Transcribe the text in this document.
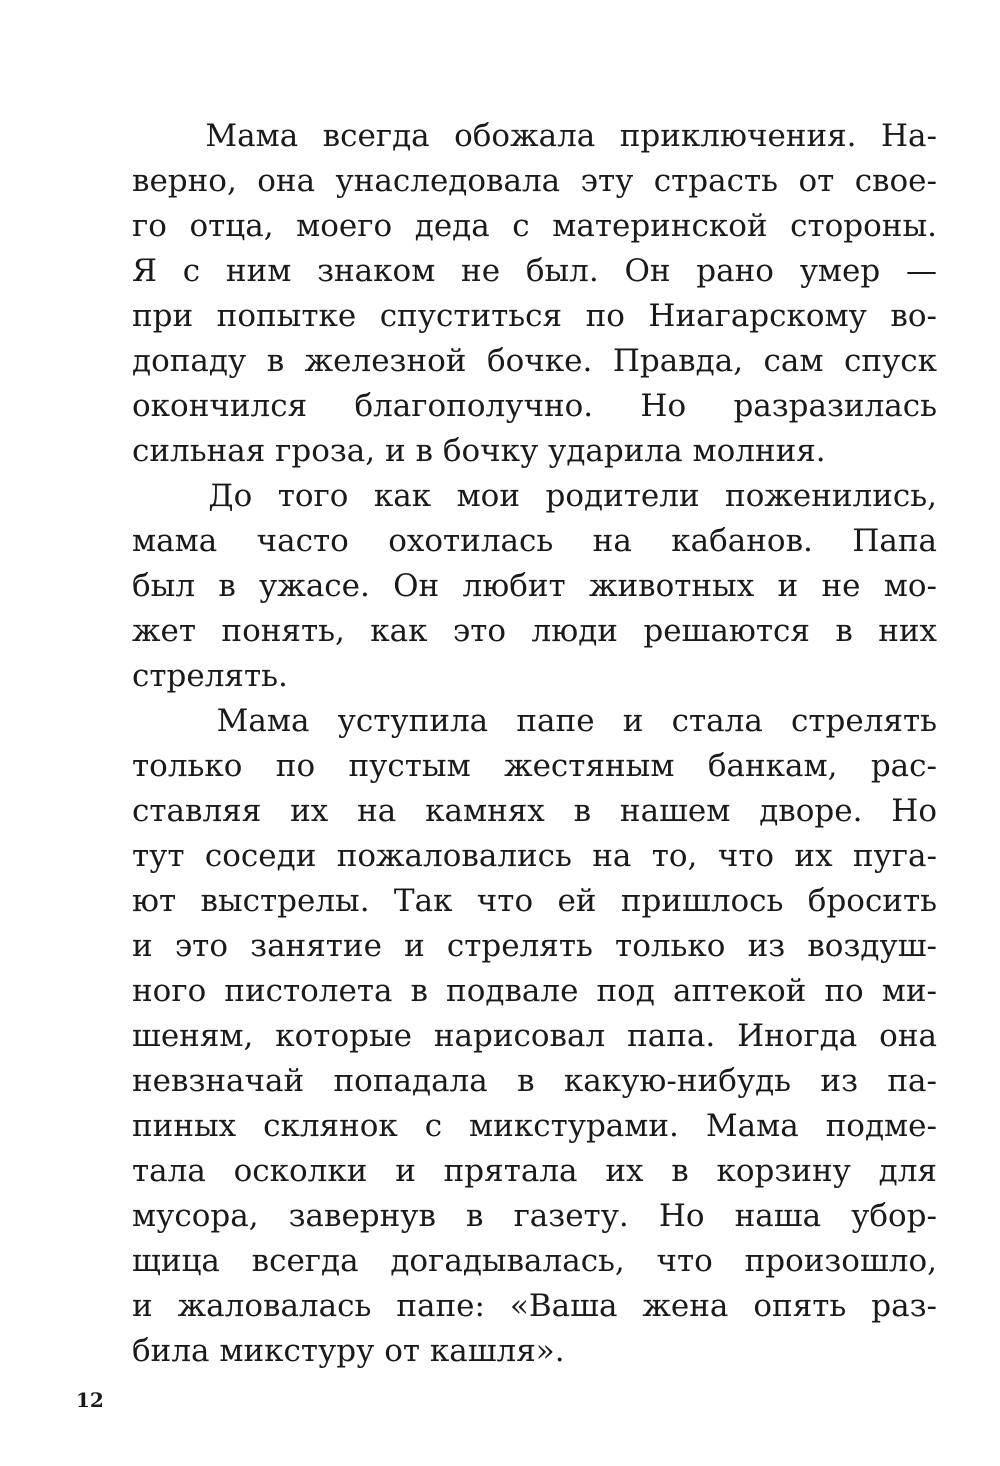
Мама всегда обожала приключения. На-
верно, она унаследовала эту страсть от свое-
го отца, моего деда с материнской стороны.
Я с ним знаком не был. Он рано умер —
при попытке спуститься по Ниагарскому во-
допаду в железной бочке. Правда, сам спуск
окончился благополучно. Но разразилась
сильная гроза, и в бочку ударила молния.
До того как мои родители поженились,
мама часто охотилась на кабанов. Папа
был в ужасе. Он любит животных и не мо-
жет понять, как это люди решаются в них
стрелять.
Мама уступила папе и стала стрелять
только по пустым жестяным банкам, рас-
ставляя их на камнях в нашем дворе. Но
тут соседи пожаловались на то, что их пуга-
ют выстрелы. Так что ей пришлось бросить
и это занятие и стрелять только из воздуш-
ного пистолета в подвале под аптекой по ми-
шеням, которые нарисовал папа. Иногда она
невзначай попадала в какую-нибудь из па-
пиных склянок с микстурами. Мама подме-
тала осколки и прятала их в корзину для
мусора, завернув в газету. Но наша убор-
щица всегда догадывалась, что произошло,
и жаловалась папе: «Ваша жена опять раз-
била микстуру от кашля».
12
